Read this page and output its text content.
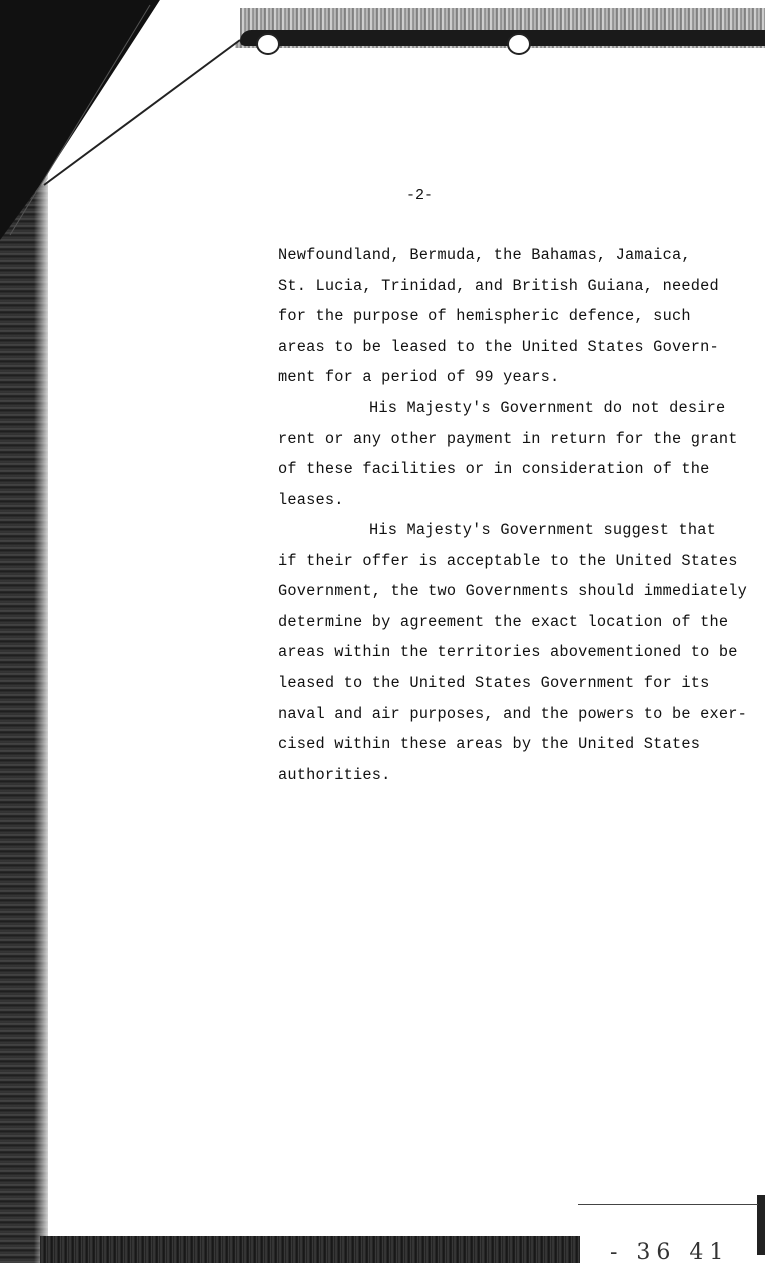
-2-

Newfoundland, Bermuda, the Bahamas, Jamaica,

St. Lucia, Trinidad, and British Guiana, needed

for the purpose of hemispheric defence, such

areas to be leased to the United States Govern-

ment for a period of 99 years.

His Majesty's Government do not desire

rent or any other payment in return for the grant

of these facilities or in consideration of the

leases.

His Majesty's Government suggest that

if their offer is acceptable to the United States

Government, the two Governments should immediately

determine by agreement the exact location of the

areas within the territories abovementioned to be

leased to the United States Government for its

naval and air purposes, and the powers to be exer-

cised within these areas by the United States

authorities.

- 36 41
